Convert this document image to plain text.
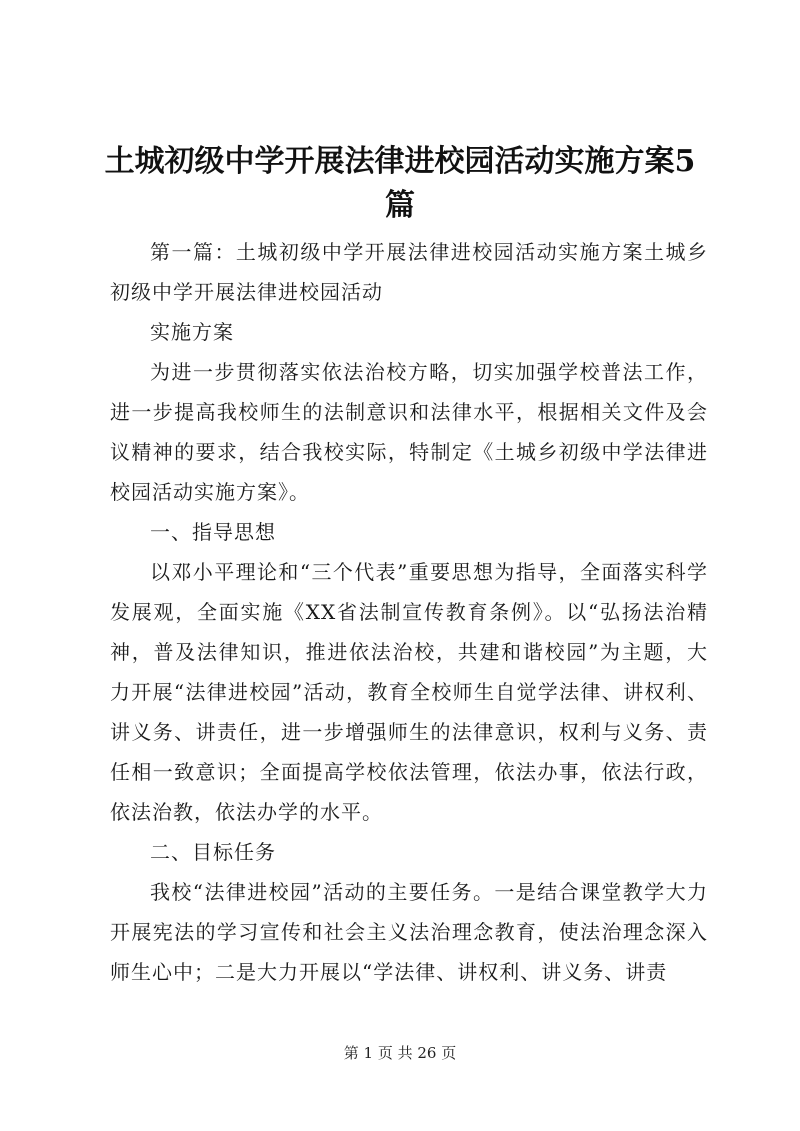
土城初级中学开展法律进校园活动实施方案5篇

第一篇：土城初级中学开展法律进校园活动实施方案土城乡初级中学开展法律进校园活动

实施方案

为进一步贯彻落实依法治校方略，切实加强学校普法工作，进一步提高我校师生的法制意识和法律水平，根据相关文件及会议精神的要求，结合我校实际，特制定《土城乡初级中学法律进校园活动实施方案》。

一、指导思想

以邓小平理论和“三个代表”重要思想为指导，全面落实科学发展观，全面实施《XX省法制宣传教育条例》。以“弘扬法治精神，普及法律知识，推进依法治校，共建和谐校园”为主题，大力开展“法律进校园”活动，教育全校师生自觉学法律、讲权利、讲义务、讲责任，进一步增强师生的法律意识，权利与义务、责任相一致意识；全面提高学校依法管理，依法办事，依法行政，依法治教，依法办学的水平。

二、目标任务

我校“法律进校园”活动的主要任务。一是结合课堂教学大力开展宪法的学习宣传和社会主义法治理念教育，使法治理念深入师生心中；二是大力开展以“学法律、讲权利、讲义务、讲责

第 1 页 共 26 页
